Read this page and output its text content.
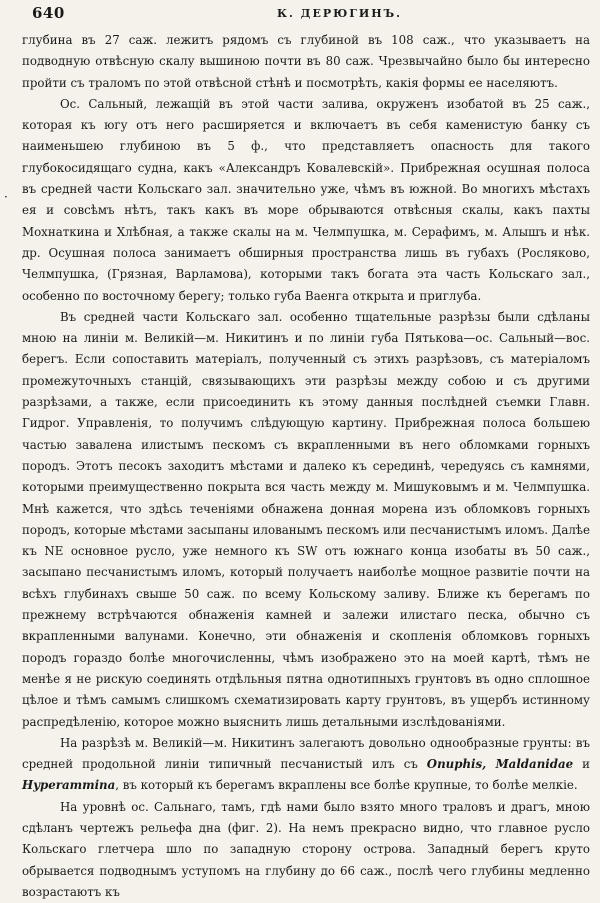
640	К. ДЕРЮГИНЪ.
·

глубина въ 27 саж. лежитъ рядомъ съ глубиной въ 108 саж., что указываетъ на подводную отвѣсную скалу вышиною почти въ 80 саж. Чрезвычайно было бы интересно пройти съ траломъ по этой отвѣсной стѣнѣ и посмотрѣть, какія формы ее населяютъ.

Ос. Сальный, лежащій въ этой части залива, окруженъ изобатой въ 25 саж., которая къ югу отъ него расширяется и включаетъ въ себя каменистую банку съ наименьшею глубиною въ 5 ф., что представляетъ опасность для такого глубокосидящаго судна, какъ «Александръ Ковалевскій». Прибрежная осушная полоса въ средней части Кольскаго зал. значительно уже, чѣмъ въ южной. Во многихъ мѣстахъ ея и совсѣмъ нѣтъ, такъ какъ въ море обрываются отвѣсныя скалы, какъ пахты Мохнаткина и Хлѣбная, а также скалы на м. Челмпушка, м. Серафимъ, м. Алышъ и нѣк. др. Осушная полоса занимаетъ обширныя пространства лишь въ губахъ (Росляково, Челмпушка, (Грязная, Варламова), которыми такъ богата эта часть Кольскаго зал., особенно по восточному берегу; только губа Ваенга открыта и приглуба.

Въ средней части Кольскаго зал. особенно тщательные разрѣзы были сдѣланы мною на линіи м. Великій—м. Никитинъ и по линіи губа Пятькова—ос. Сальный—вос. берегъ. Если сопоставить матеріалъ, полученный съ этихъ разрѣзовъ, съ матеріаломъ промежуточныхъ станцій, связывающихъ эти разрѣзы между собою и съ другими разрѣзами, а также, если присоединить къ этому данныя послѣдней съемки Главн. Гидрог. Управленія, то получимъ слѣдующую картину. Прибрежная полоса большею частью завалена илистымъ пескомъ съ вкрапленными въ него обломками горныхъ породъ. Этотъ песокъ заходитъ мѣстами и далеко къ серединѣ, чередуясь съ камнями, которыми преимущественно покрыта вся часть между м. Мишуковымъ и м. Челмпушка. Мнѣ кажется, что здѣсь теченіями обнажена донная морена изъ обломковъ горныхъ породъ, которые мѣстами засыпаны илованымъ пескомъ или песчанистымъ иломъ. Далѣе къ NE основное русло, уже немного къ SW отъ южнаго конца изобаты въ 50 саж., засыпано песчанистымъ иломъ, который получаетъ наиболѣе мощное развитіе почти на всѣхъ глубинахъ свыше 50 саж. по всему Кольскому заливу. Ближе къ берегамъ по прежнему встрѣчаются обнаженія камней и залежи илистаго песка, обычно съ вкрапленными валунами. Конечно, эти обнаженія и скопленія обломковъ горныхъ породъ гораздо болѣе многочисленны, чѣмъ изображено это на моей картѣ, тѣмъ не менѣе я не рискую соединять отдѣльныя пятна однотипныхъ грунтовъ въ одно сплошное цѣлое и тѣмъ самымъ слишкомъ схематизировать карту грунтовъ, въ ущербъ истинному распредѣленію, которое можно выяснить лишь детальными изслѣдованіями.

На разрѣзѣ м. Великій—м. Никитинъ залегаютъ довольно однообразные грунты: въ средней продольной линіи типичный песчанистый илъ съ Onuphis, Maldanidae и Hyperammina, въ который къ берегамъ вкраплены все болѣе крупные, то болѣе мелкіе.

На уровнѣ ос. Сальнаго, тамъ, гдѣ нами было взято много траловъ и драгъ, мною сдѣланъ чертежъ рельефа дна (фиг. 2). На немъ прекрасно видно, что главное русло Кольскаго глетчера шло по западную сторону острова. Западный берегъ круто обрывается подводнымъ уступомъ на глубину до 66 саж., послѣ чего глубины медленно возрастаютъ къ
